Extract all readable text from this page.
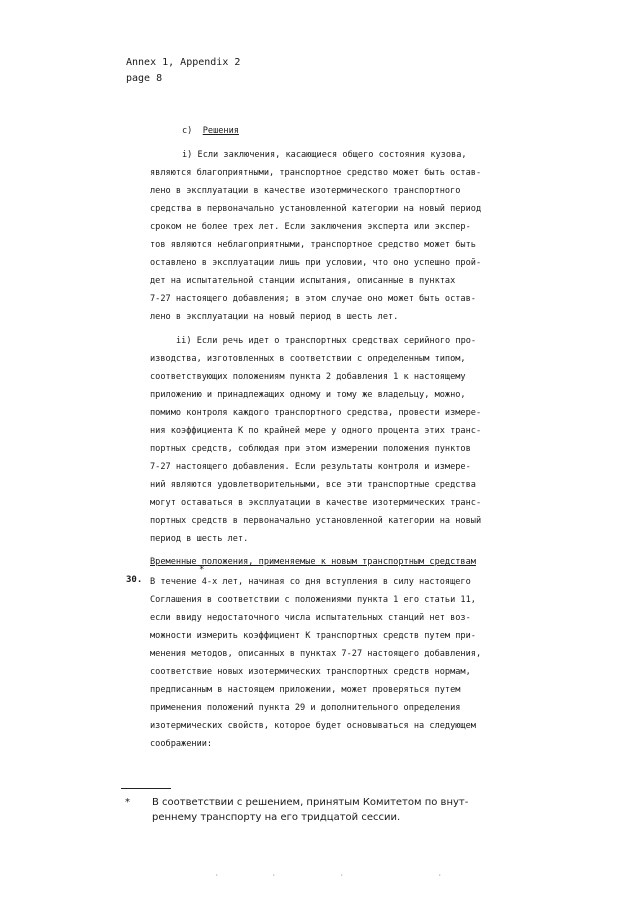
Annex 1, Appendix 2
page 8
c) Решения
i) Если заключения, касающиеся общего состояния кузова,
являются благоприятными, транспортное средство может быть остав-
лено в эксплуатации в качестве изотермического транспортного
средства в первоначально установленной категории на новый период
сроком не более трех лет. Если заключения эксперта или экспер-
тов являются неблагоприятными, транспортное средство может быть
оставлено в эксплуатации лишь при условии, что оно успешно прой-
дет на испытательной станции испытания, описанные в пунктах
7-27 настоящего добавления; в этом случае оно может быть остав-
лено в эксплуатации на новый период в шесть лет.
ii) Если речь идет о транспортных средствах серийного про-
изводства, изготовленных в соответствии с определенным типом,
соответствующих положениям пункта 2 добавления 1 к настоящему
приложению и принадлежащих одному и тому же владельцу, можно,
помимо контроля каждого транспортного средства, провести измере-
ния коэффициента К по крайней мере у одного процента этих транс-
портных средств, соблюдая при этом измерении положения пунктов
7-27 настоящего добавления. Если результаты контроля и измере-
ний являются удовлетворительными, все эти транспортные средства
могут оставаться в эксплуатации в качестве изотермических транс-
портных средств в первоначально установленной категории на новый
период в шесть лет.
Временные положения, применяемые к новым транспортным средствам
30.
*
В течение 4-х лет, начиная со дня вступления в силу настоящего
Соглашения в соответствии с положениями пункта 1 его статьи 11,
если ввиду недостаточного числа испытательных станций нет воз-
можности измерить коэффициент К транспортных средств путем при-
менения методов, описанных в пунктах 7-27 настоящего добавления,
соответствие новых изотермических транспортных средств нормам,
предписанным в настоящем приложении, может проверяться путем
применения положений пункта 29 и дополнительного определения
изотермических свойств, которое будет основываться на следующем
соображении:
* В соответствии с решением, принятым Комитетом по внут-
реннему транспорту на его тридцатой сессии.
·	·	·	·
